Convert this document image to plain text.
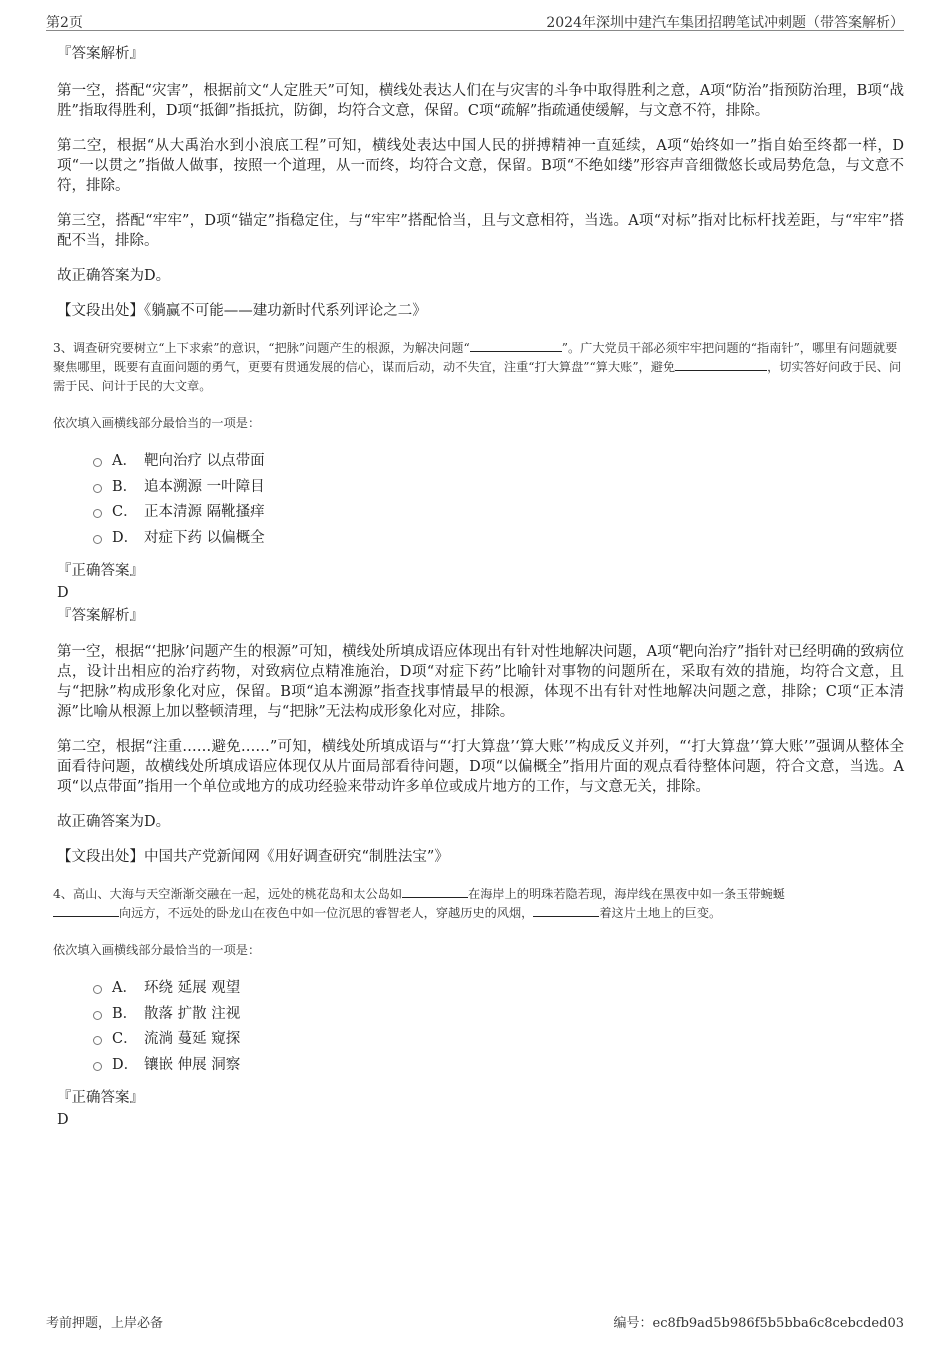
第2页	2024年深圳中建汽车集团招聘笔试冲刺题（带答案解析）

『答案解析』

第一空，搭配“灾害”，根据前文“人定胜天”可知，横线处表达人们在与灾害的斗争中取得胜利之意，A项“防治”指预防治理，B项“战胜”指取得胜利，D项“抵御”指抵抗，防御，均符合文意，保留。C项“疏解”指疏通使缓解，与文意不符，排除。

第二空，根据“从大禹治水到小浪底工程”可知，横线处表达中国人民的拼搏精神一直延续，A项“始终如一”指自始至终都一样，D项“一以贯之”指做人做事，按照一个道理，从一而终，均符合文意，保留。B项“不绝如缕”形容声音细微悠长或局势危急，与文意不符，排除。

第三空，搭配“牢牢”，D项“锚定”指稳定住，与“牢牢”搭配恰当，且与文意相符，当选。A项“对标”指对比标杆找差距，与“牢牢”搭配不当，排除。

故正确答案为D。

【文段出处】《躺赢不可能——建功新时代系列评论之二》

3、调查研究要树立“上下求索”的意识，“把脉”问题产生的根源，为解决问题“	”。广大党员干部必须牢牢把问题的“指南针”，哪里有问题就要聚焦哪里，既要有直面问题的勇气，更要有贯通发展的信心，谋而后动，动不失宜，注重“打大算盘”“算大账”，避免	，切实答好问政于民、问需于民、问计于民的大文章。

依次填入画横线部分最恰当的一项是：

A． 靶向治疗 以点带面
B． 追本溯源 一叶障目
C． 正本清源 隔靴搔痒
D． 对症下药 以偏概全

『正确答案』

D

『答案解析』

第一空，根据“‘把脉’问题产生的根源”可知，横线处所填成语应体现出有针对性地解决问题，A项“靶向治疗”指针对已经明确的致病位点，设计出相应的治疗药物，对致病位点精准施治，D项“对症下药”比喻针对事物的问题所在，采取有效的措施，均符合文意，且与“把脉”构成形象化对应，保留。B项“追本溯源”指查找事情最早的根源，体现不出有针对性地解决问题之意，排除；C项“正本清源”比喻从根源上加以整顿清理，与“把脉”无法构成形象化对应，排除。

第二空，根据“注重……避免……”可知，横线处所填成语与“‘打大算盘’‘算大账’”构成反义并列，“‘打大算盘’‘算大账’”强调从整体全面看待问题，故横线处所填成语应体现仅从片面局部看待问题，D项“以偏概全”指用片面的观点看待整体问题，符合文意，当选。A项“以点带面”指用一个单位或地方的成功经验来带动许多单位或成片地方的工作，与文意无关，排除。

故正确答案为D。

【文段出处】中国共产党新闻网《用好调查研究“制胜法宝”》

4、高山、大海与天空渐渐交融在一起，远处的桃花岛和太公岛如	在海岸上的明珠若隐若现，海岸线在黑夜中如一条玉带蜿蜒
向远方，不远处的卧龙山在夜色中如一位沉思的睿智老人，穿越历史的风烟，	着这片土地上的巨变。

依次填入画横线部分最恰当的一项是：

A． 环绕 延展 观望
B． 散落 扩散 注视
C． 流淌 蔓延 窥探
D． 镶嵌 伸展 洞察

『正确答案』

D

考前押题，上岸必备	编号：ec8fb9ad5b986f5b5bba6c8cebcded03
